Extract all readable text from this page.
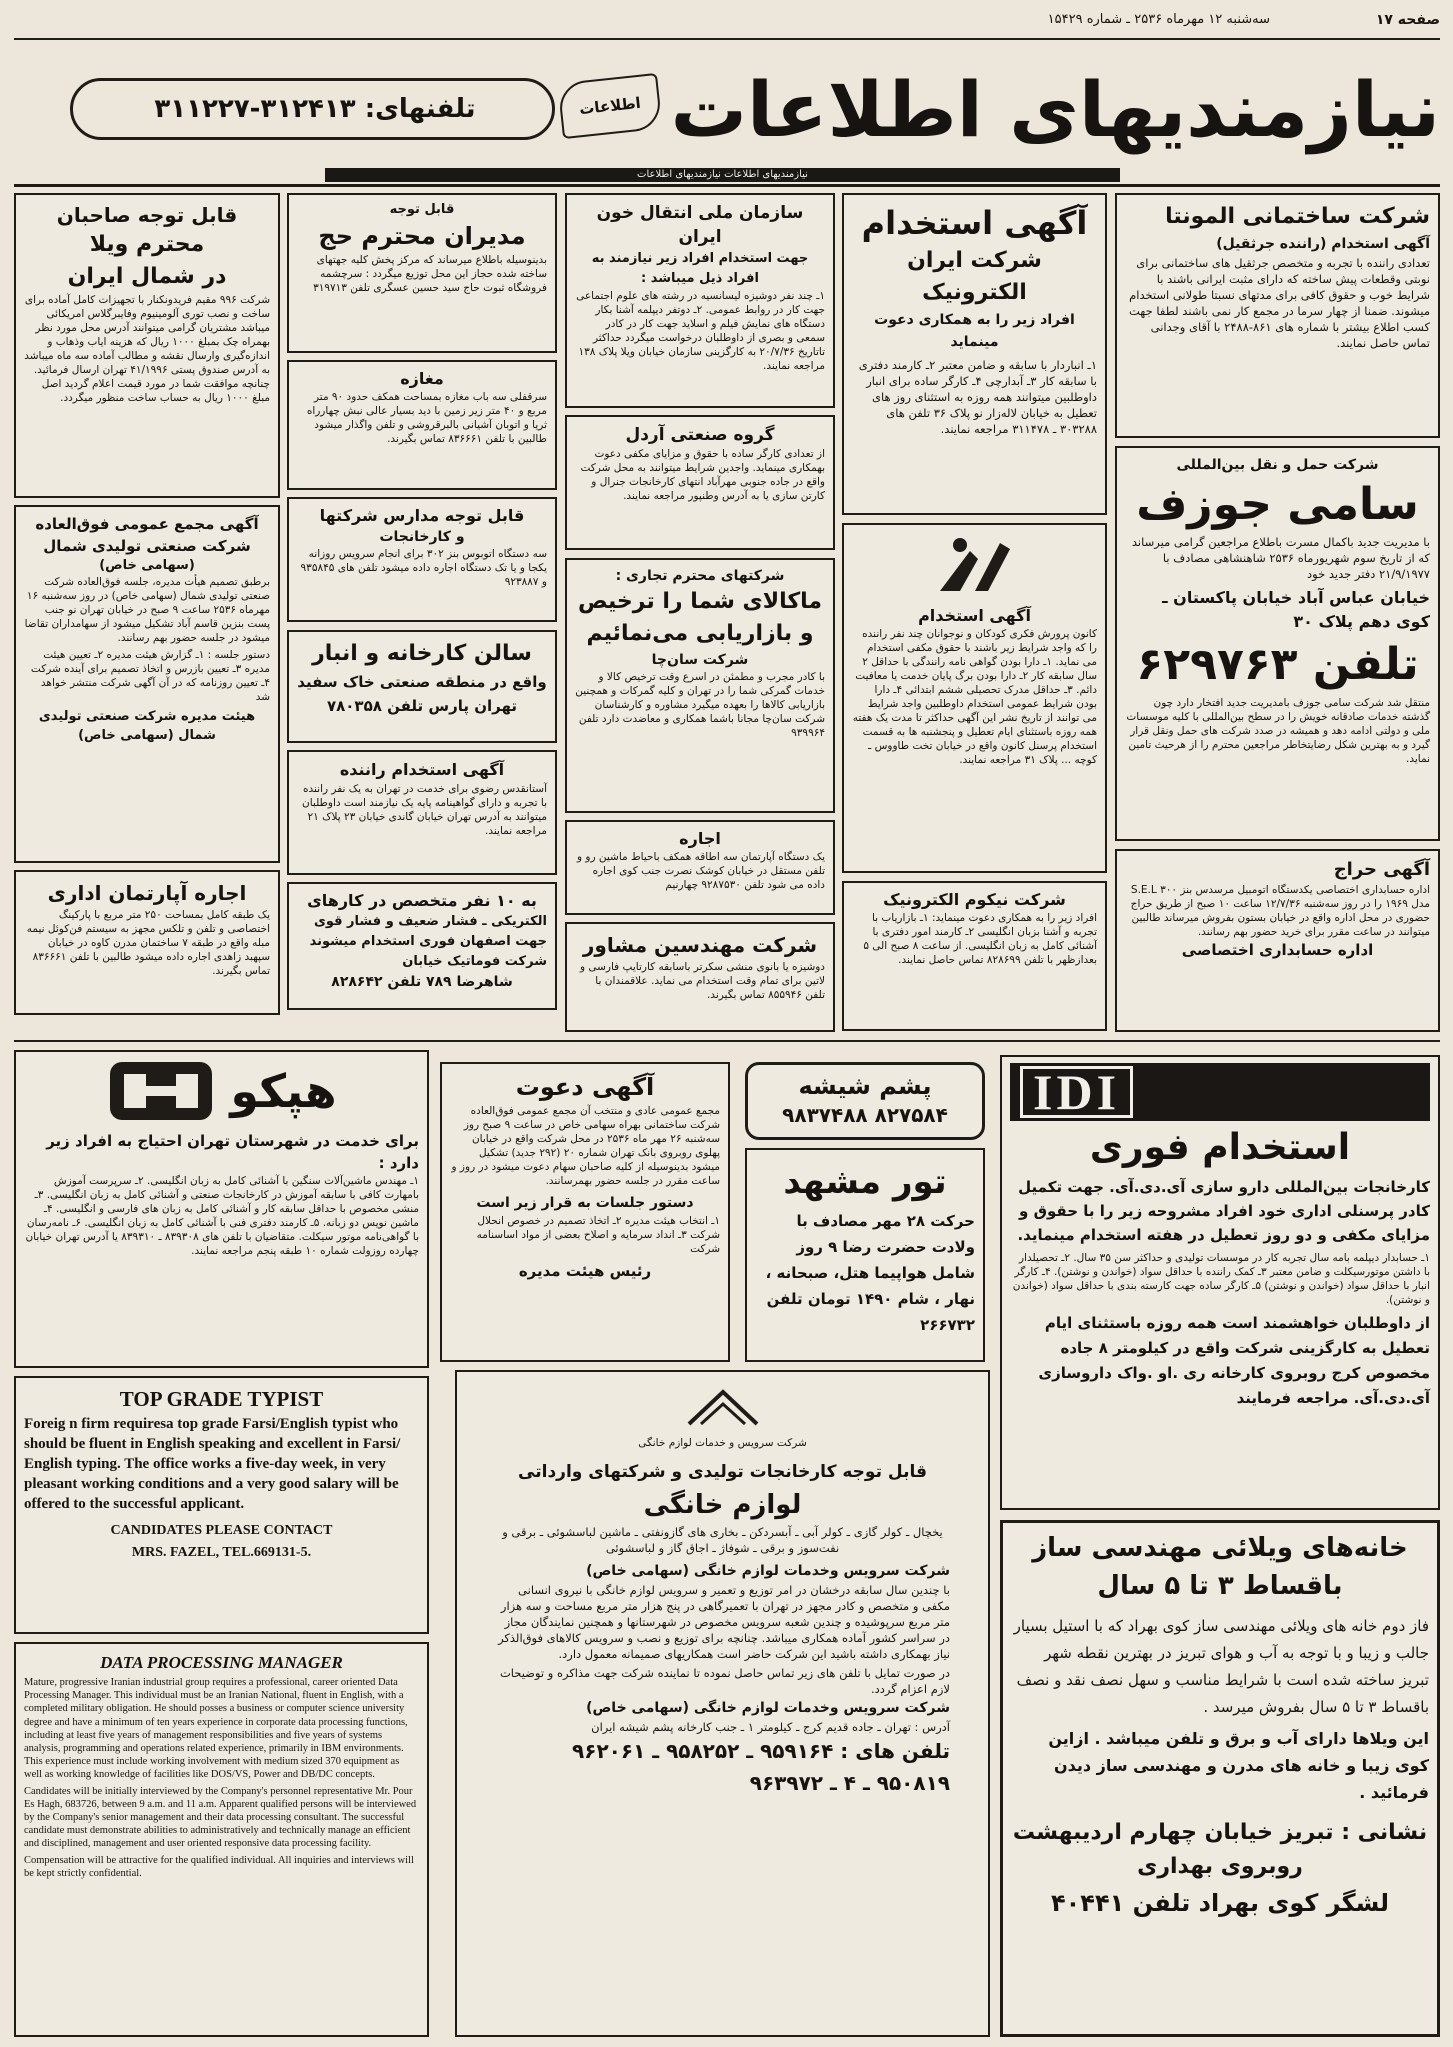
صفحه ۱۷
سه‌شنبه ۱۲ مهرماه ۲۵۳۶ ـ شماره ۱۵۴۲۹
نیازمندیهای اطلاعات
اطلاعات
تلفنهای: ۳۱۲۴۱۳-۳۱۱۲۲۷
نیازمندیهای اطلاعات نیازمندیهای اطلاعات
شرکت ساختمانی المونتا
آگهی استخدام (راننده جرثقیل)

تعدادی راننده با تجربه و متخصص جرثقیل های ساختمانی برای نوبتی وقطعات پیش ساخته که دارای مثبت ایرانی باشند با شرایط خوب و حقوق کافی برای مدتهای نسبتا طولانی استخدام میشوند. ضمنا از چهار سرما در مجمع کار نمی باشند لطفا جهت کسب اطلاع بیشتر با شماره های ۸۶۱-۲۴۸۸ با آقای وجدانی تماس حاصل نمایند.

شرکت حمل و نقل بین‌المللی
سامی جوزف

با مدیریت جدید باکمال مسرت باطلاع مراجعین گرامی میرساند که از تاریخ سوم شهریورماه ۲۵۳۶ شاهنشاهی مصادف با ۲۱/۹/۱۹۷۷ دفتر جدید خود

خیابان عباس آباد خیابان پاکستان ـ کوی دهم پلاک ۳۰

تلفن ۶۲۹۷۶۳

منتقل شد شرکت سامی جوزف بامدیریت جدید افتخار دارد چون گذشته خدمات صادقانه خویش را در سطح بین‌المللی با کلیه موسسات ملی و دولتی ادامه دهد و همیشه در صدد شرکت های حمل ونقل قرار گیرد و به بهترین شکل رضایتخاطر مراجعین محترم را از هرحیث تامین نماید.

آگهی حراج

اداره حسابداری اختصاصی یکدستگاه اتومبیل مرسدس بنز S.E.L ۳۰۰ مدل ۱۹۶۹ را در روز سه‌شنبه ۱۲/۷/۳۶ ساعت ۱۰ صبح از طریق حراج حضوری در محل اداره واقع در خیابان بستون بفروش میرساند طالبین میتوانند در ساعت مقرر برای خرید حضور بهم رسانند.

اداره حسابداری اختصاصی

آگهی استخدام
شرکت ایران الکترونیک
افراد زیر را به همکاری دعوت مینماید

۱ـ انباردار با سابقه و ضامن معتبر ۲ـ کارمند دفتری با سابقه کار ۳ـ آبدارچی ۴ـ کارگر ساده برای انبار داوطلبین میتوانند همه روزه به استثنای روز های تعطیل به خیابان لاله‌زار نو پلاک ۳۶ تلفن های ۳۰۳۲۸۸ ـ ۳۱۱۴۷۸ مراجعه نمایند.

آگهی استخدام

کانون پرورش فکری کودکان و نوجوانان چند نفر راننده را که واجد شرایط زیر باشند با حقوق مکفی استخدام می نماید. ۱ـ دارا بودن گواهی نامه رانندگی با حداقل ۲ سال سابقه کار ۲ـ دارا بودن برگ پایان خدمت یا معافیت دائم. ۳ـ حداقل مدرک تحصیلی ششم ابتدائی ۴ـ دارا بودن شرایط عمومی استخدام داوطلبین واجد شرایط می توانند از تاریخ نشر این آگهی حداکثر تا مدت یک هفته همه روزه باستثنای ایام تعطیل و پنجشنبه ها به قسمت استخدام پرسنل کانون واقع در خیابان تخت طاووس ـ کوچه ... پلاک ۳۱ مراجعه نمایند.

شرکت نیکوم الکترونیک

افراد زیر را به همکاری دعوت مینماید: ۱ـ بازاریاب با تجربه و آشنا بزبان انگلیسی ۲ـ کارمند امور دفتری با آشنائی کامل به زبان انگلیسی. از ساعت ۸ صبح الی ۵ بعدازظهر با تلفن ۸۲۸۶۹۹ تماس حاصل نمایند.

سازمان ملی انتقال خون ایران
جهت استخدام افراد زیر نیازمند به افراد ذیل میباشد :

۱ـ چند نفر دوشیزه لیسانسیه در رشته های علوم اجتماعی جهت کار در روابط عمومی. ۲ـ دوتفر دیپلمه آشنا بکار دستگاه های نمایش فیلم و اسلاید جهت کار در کادر سمعی و بصری از داوطلبان درخواست میگردد حداکثر تاتاریخ ۲۰/۷/۳۶ به کارگزینی سازمان خیابان ویلا پلاک ۱۳۸ مراجعه نمایند.

گروه صنعتی آردل

از تعدادی کارگر ساده با حقوق و مزایای مکفی دعوت بهمکاری مینماید. واجدین شرایط میتوانند به محل شرکت واقع در جاده جنوبی مهرآباد انتهای کارخانجات جنرال و کارتن سازی یا به آدرس وطنپور مراجعه نمایند.

شرکتهای محترم تجاری :
ماکالای شما را ترخیص و بازاریابی می‌نمائیم
شرکت سان‌چا

با کادر مجرب و مطمئن در اسرع وقت ترخیص کالا و خدمات گمرکی شما را در تهران و کلیه گمرکات و همچنین بازاریابی کالاها را بعهده میگیرد مشاوره و کارشناسان شرکت سان‌چا مجانا باشما همکاری و معاضدت دارد تلفن ۹۳۹۹۶۴

اجاره

یک دستگاه آپارتمان سه اطاقه همکف باحیاط ماشین رو و تلفن مستقل در خیابان کوشک نصرت جنب کوی اجاره داده می شود تلفن ۹۲۸۷۵۳۰ چهارنیم

شرکت مهندسین مشاور

دوشیزه یا بانوی منشی سکرتر باسابقه کارتایپ فارسی و لاتین برای تمام وقت استخدام می نماید. علاقمندان با تلفن ۸۵۵۹۴۶ تماس بگیرند.

قابل توجه
مدیران محترم حج

بدینوسیله باطلاع میرساند که مرکز پخش کلیه جهتهای ساخته شده حجاز این محل توزیع میگردد : سرچشمه فروشگاه ثبوت حاج سید حسین عسگری تلفن ۳۱۹۷۱۳

مغازه

سرقفلی سه باب مغازه بمساحت همکف حدود ۹۰ متر مربع و ۴۰ متر زیر زمین با دید بسیار عالی نبش چهارراه ثریا و اتوبان آشیانی بالبرقروشی و تلفن واگذار میشود طالبین با تلفن ۸۳۶۶۶۱ تماس بگیرند.

قابل توجه مدارس شرکتها
و کارخانجات

سه دستگاه اتوبوس بنز ۳۰۲ برای انجام سرویس روزانه یکجا و یا تک دستگاه اجاره داده میشود تلفن های ۹۳۵۸۴۵ و ۹۲۳۸۸۷

سالن کارخانه و انبار

واقع در منطقه صنعتی خاک سفید

تهران پارس تلفن ۷۸۰۳۵۸

آگهی استخدام راننده

آستانقدس رضوی برای خدمت در تهران به یک نفر راننده با تجربه و دارای گواهینامه پایه یک نیازمند است داوطلبان میتوانند به آدرس تهران خیابان گاندی خیابان ۲۳ پلاک ۲۱ مراجعه نمایند.

به ۱۰ نفر متخصص در کارهای

الکتریکی ـ فشار ضعیف و فشار قوی جهت اصفهان فوری استخدام میشوند شرکت فوماتیک خیابان

شاهرضا ۷۸۹ تلفن ۸۲۸۶۴۲

قابل توجه صاحبان
محترم ویلا
در شمال ایران

شرکت ۹۹۶ مقیم فریدونکنار با تجهیزات کامل آماده برای ساخت و نصب توری آلومینیوم وفایبرگلاس امریکائی میباشد مشتریان گرامی میتوانند آدرس محل مورد نظر بهمراه چک بمبلغ ۱۰۰۰ ریال که هزینه ایاب وذهاب و اندازه‌گیری وارسال نقشه و مطالب آماده سه ماه میباشد به آدرس صندوق پستی ۴۱/۱۹۹۶ تهران ارسال فرمائید. چنانچه موافقت شما در مورد قیمت اعلام گردید اصل مبلغ ۱۰۰۰ ریال به حساب ساخت منظور میگردد.

آگهی مجمع عمومی فوق‌العاده
شرکت صنعتی تولیدی شمال
(سهامی خاص)

برطبق تصمیم هیأت مدیره، جلسه فوق‌العاده شرکت صنعتی تولیدی شمال (سهامی خاص) در روز سه‌شنبه ۱۶ مهرماه ۲۵۳۶ ساعت ۹ صبح در خیابان تهران نو جنب پست بنزین قاسم آباد تشکیل میشود از سهامداران تقاضا میشود در جلسه حضور بهم رسانند.

دستور جلسه : ۱ـ گزارش هیئت مدیره ۲ـ تعیین هیئت مدیره ۳ـ تعیین بازرس و اتخاذ تصمیم برای آینده شرکت ۴ـ تعیین روزنامه که در آن آگهی شرکت منتشر خواهد شد

هیئت مدیره شرکت صنعتی تولیدی شمال (سهامی خاص)

اجاره آپارتمان اداری

یک طبقه کامل بمساحت ۲۵۰ متر مربع با پارکینگ اختصاصی و تلفن و تلکس مجهز به سیستم فن‌کوئل نیمه مبله واقع در طبقه ۷ ساختمان مدرن کاوه در خیابان سپهبد زاهدی اجاره داده میشود طالبین با تلفن ۸۳۶۶۶۱ تماس بگیرند.

هپکو
برای خدمت در شهرستان تهران احتیاج به افراد زیر دارد :

۱ـ مهندس ماشین‌آلات سنگین با آشنائی کامل به زبان انگلیسی. ۲ـ سرپرست آموزش بامهارت کافی با سابقه آموزش در کارخانجات صنعتی و آشنائی کامل به زبان انگلیسی. ۳ـ منشی مخصوص با حداقل سابقه کار و آشنائی کامل به زبان های فارسی و انگلیسی. ۴ـ ماشین نویس دو زبانه. ۵ـ کارمند دفتری فنی با آشنائی کامل به زبان انگلیسی. ۶ـ نامه‌رسان با گواهی‌نامه موتور سیکلت. متقاضیان با تلفن های ۸۳۹۳۰۸ ـ ۸۳۹۳۱۰ یا آدرس تهران خیابان چهارده روزولت شماره ۱۰ طبقه پنجم مراجعه نمایند.

آگهی دعوت

مجمع عمومی عادی و منتخب آن مجمع عمومی فوق‌العاده شرکت ساختمانی بهراه سهامی خاص در ساعت ۹ صبح روز سه‌شنبه ۲۶ مهر ماه ۲۵۳۶ در محل شرکت واقع در خیابان پهلوی روبروی بانک تهران شماره ۲۰ (۲۹۲ جدید) تشکیل میشود بدینوسیله از کلیه صاحبان سهام دعوت میشود در روز و ساعت مقرر در جلسه حضور بهمرسانند.

دستور جلسات به قرار زیر است

۱ـ انتخاب هیئت مدیره ۲ـ اتخاذ تصمیم در خصوص انحلال شرکت ۳ـ انداد سرمایه و اصلاح بعضی از مواد اساسنامه شرکت

رئیس هیئت مدیره

پشم شیشه

۸۲۷۵۸۴ ۹۸۳۷۴۸۸

تور مشهد

حرکت ۲۸ مهر مصادف با ولادت حضرت رضا ۹ روز شامل هواپیما هتل، صبحانه ، نهار ، شام ۱۴۹۰ تومان تلفن ۲۶۶۷۳۲

IDI
استخدام فوری

کارخانجات بین‌المللی دارو سازی آی.دی.آی. جهت تکمیل کادر پرسنلی اداری خود افراد مشروحه زیر را با حقوق و مزایای مکفی و دو روز تعطیل در هفته استخدام مینماید.

۱ـ حسابدار دیپلمه بامه سال تجربه کار در موسسات تولیدی و حداکثر سن ۳۵ سال. ۲ـ تحصیلدار با داشتن موتورسیکلت و ضامن معتبر ۳ـ کمک راننده با حداقل سواد (خواندن و نوشتن). ۴ـ کارگر انبار با حداقل سواد (خواندن و نوشتن) ۵ـ کارگر ساده جهت کارسته بندی با حداقل سواد (خواندن و نوشتن).

از داوطلبان خواهشمند است همه روزه باستثنای ایام تعطیل به کارگزینی شرکت واقع در کیلومتر ۸ جاده مخصوص کرج روبروی کارخانه ری .او .واک داروسازی آی.دی.آی. مراجعه فرمایند

TOP GRADE TYPIST

Foreig n firm requiresa top grade Farsi/English typist who should be fluent in English speaking and excellent in Farsi/ English typing. The office works a five-day week, in very pleasant working conditions and a very good salary will be offered to the successful applicant.

CANDIDATES PLEASE CONTACT

MRS. FAZEL, TEL.669131-5.

DATA PROCESSING MANAGER

Mature, progressive Iranian industrial group requires a professional, career oriented Data Processing Manager. This individual must be an Iranian National, fluent in English, with a completed military obligation. He should posses a business or computer science university degree and have a minimum of ten years experience in corporate data processing functions, including at least five years of management responsibilities and five years of systems analysis, programming and operations related experience, primarily in IBM environments. This experience must include working involvement with medium sized 370 equipment as well as working knowledge of facilities like DOS/VS, Power and DB/DC concepts.

Candidates will be initially interviewed by the Company's personnel representative Mr. Pour Es Hagh, 683726, between 9 a.m. and 11 a.m. Apparent qualified persons will be interviewed by the Company's senior management and their data processing consultant. The successful candidate must demonstrate abilities to administratively and technically manage an efficient and disciplined, management and user oriented responsive data processing facility.

Compensation will be attractive for the qualified individual. All inquiries and interviews will be kept strictly confidential.

شرکت سرویس و خدمات لوازم خانگی

قابل توجه کارخانجات تولیدی و شرکتهای وارداتی
لوازم خانگی

یخچال ـ کولر گازی ـ کولر آبی ـ آبسردکن ـ بخاری های گازونفتی ـ ماشین لباسشوئی ـ برقی و نفت‌سوز و برقی ـ شوفاژ ـ اجاق گاز و لباسشوئی

شرکت سرویس وخدمات لوازم خانگی (سهامی خاص)

با چندین سال سابقه درخشان در امر توزیع و تعمیر و سرویس لوازم خانگی با نیروی انسانی مکفی و متخصص و کادر مجهز در تهران با تعمیرگاهی در پنج هزار متر مربع مساحت و سه هزار متر مربع سرپوشیده و چندین شعبه سرویس مخصوص در شهرستانها و همچنین نمایندگان مجاز در سراسر کشور آماده همکاری میباشد. چنانچه برای توزیع و نصب و سرویس کالاهای فوق‌الذکر نیاز بهمکاری داشته باشید این شرکت حاضر است همکاریهای صمیمانه معمول دارد.

در صورت تمایل با تلفن های زیر تماس حاصل نموده تا نماینده شرکت جهت مذاکره و توضیحات لازم اعزام گردد.

شرکت سرویس وخدمات لوازم خانگی (سهامی خاص)

آدرس : تهران ـ جاده قدیم کرج ـ کیلومتر ۱ ـ جنب کارخانه پشم شیشه ایران

تلفن های : ۹۵۹۱۶۴ ـ ۹۵۸۲۵۲ ـ ۹۶۲۰۶۱

۹۵۰۸۱۹ ـ ۴ ـ ۹۶۳۹۷۲

خانه‌های ویلائی مهندسی ساز
باقساط ۳ تا ۵ سال

فاز دوم خانه های ویلائی مهندسی ساز کوی بهراد که با استیل بسیار جالب و زیبا و با توجه به آب و هوای تبریز در بهترین نقطه شهر تبریز ساخته شده است با شرایط مناسب و سهل نصف نقد و نصف باقساط ۳ تا ۵ سال بفروش میرسد .

این ویلاها دارای آب و برق و تلفن میباشد . ازاین کوی زیبا و خانه های مدرن و مهندسی ساز دیدن فرمائید .

نشانی : تبریز خیابان چهارم اردیبهشت روبروی بهداری

لشگر کوی بهراد تلفن ۴۰۴۴۱
